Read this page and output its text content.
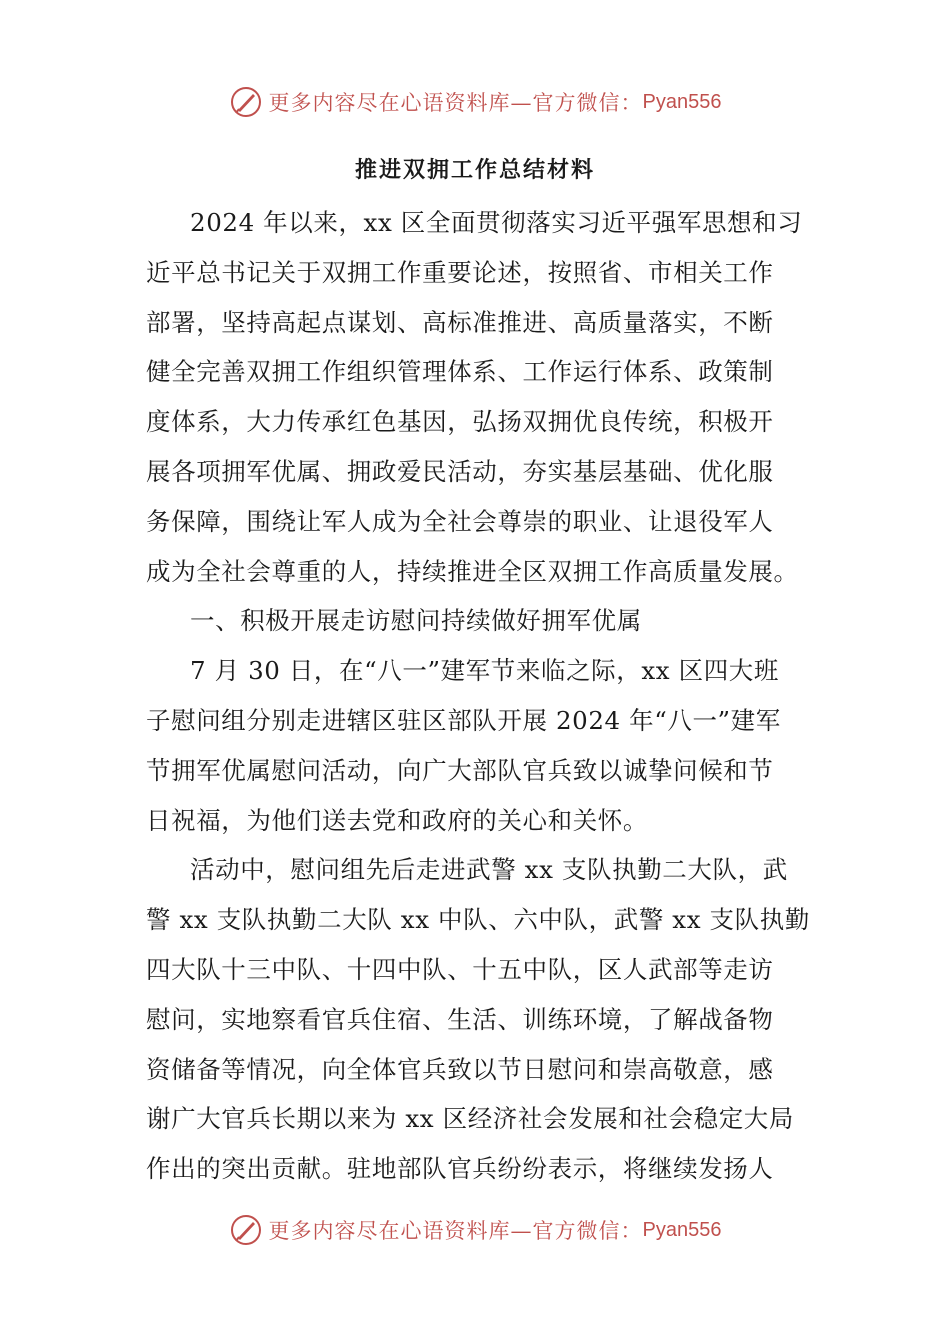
更多内容尽在心语资料库—官方微信： Pyan556
推进双拥工作总结材料
2024 年以来，xx 区全面贯彻落实习近平强军思想和习
近平总书记关于双拥工作重要论述，按照省、市相关工作
部署，坚持高起点谋划、高标准推进、高质量落实，不断
健全完善双拥工作组织管理体系、工作运行体系、政策制
度体系，大力传承红色基因，弘扬双拥优良传统，积极开
展各项拥军优属、拥政爱民活动，夯实基层基础、优化服
务保障，围绕让军人成为全社会尊崇的职业、让退役军人
成为全社会尊重的人，持续推进全区双拥工作高质量发展。
一、积极开展走访慰问持续做好拥军优属
7 月 30 日，在“八一”建军节来临之际，xx 区四大班
子慰问组分别走进辖区驻区部队开展 2024 年“八一”建军
节拥军优属慰问活动，向广大部队官兵致以诚挚问候和节
日祝福，为他们送去党和政府的关心和关怀。
活动中，慰问组先后走进武警 xx 支队执勤二大队，武
警 xx 支队执勤二大队 xx 中队、六中队，武警 xx 支队执勤
四大队十三中队、十四中队、十五中队，区人武部等走访
慰问，实地察看官兵住宿、生活、训练环境，了解战备物
资储备等情况，向全体官兵致以节日慰问和崇高敬意，感
谢广大官兵长期以来为 xx 区经济社会发展和社会稳定大局
作出的突出贡献。驻地部队官兵纷纷表示，将继续发扬人
更多内容尽在心语资料库—官方微信： Pyan556
